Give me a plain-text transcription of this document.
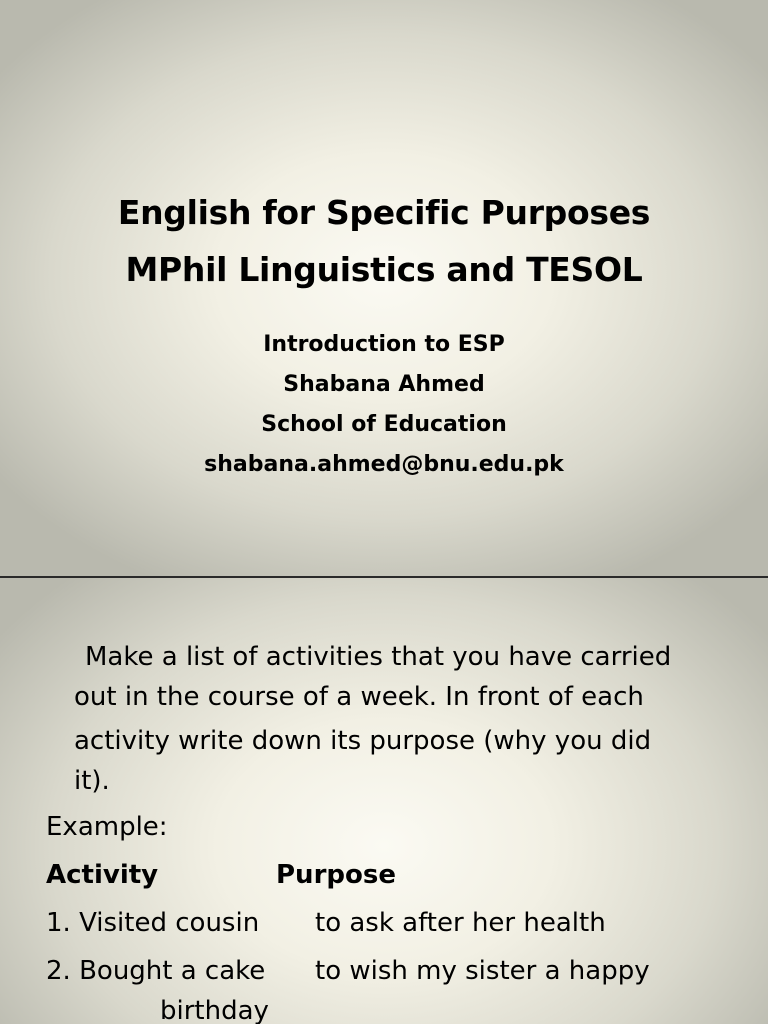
English for Specific Purposes
MPhil Linguistics and TESOL
Introduction to ESP
Shabana Ahmed
School of Education
shabana.ahmed@bnu.edu.pk
Make a list of activities that you have carried
out in the course of a week. In front of each
activity write down its purpose (why you did
it).
Example:
Activity	Purpose
1. Visited cousin to ask after her health
2. Bought a cake to wish my sister a happy
birthday
